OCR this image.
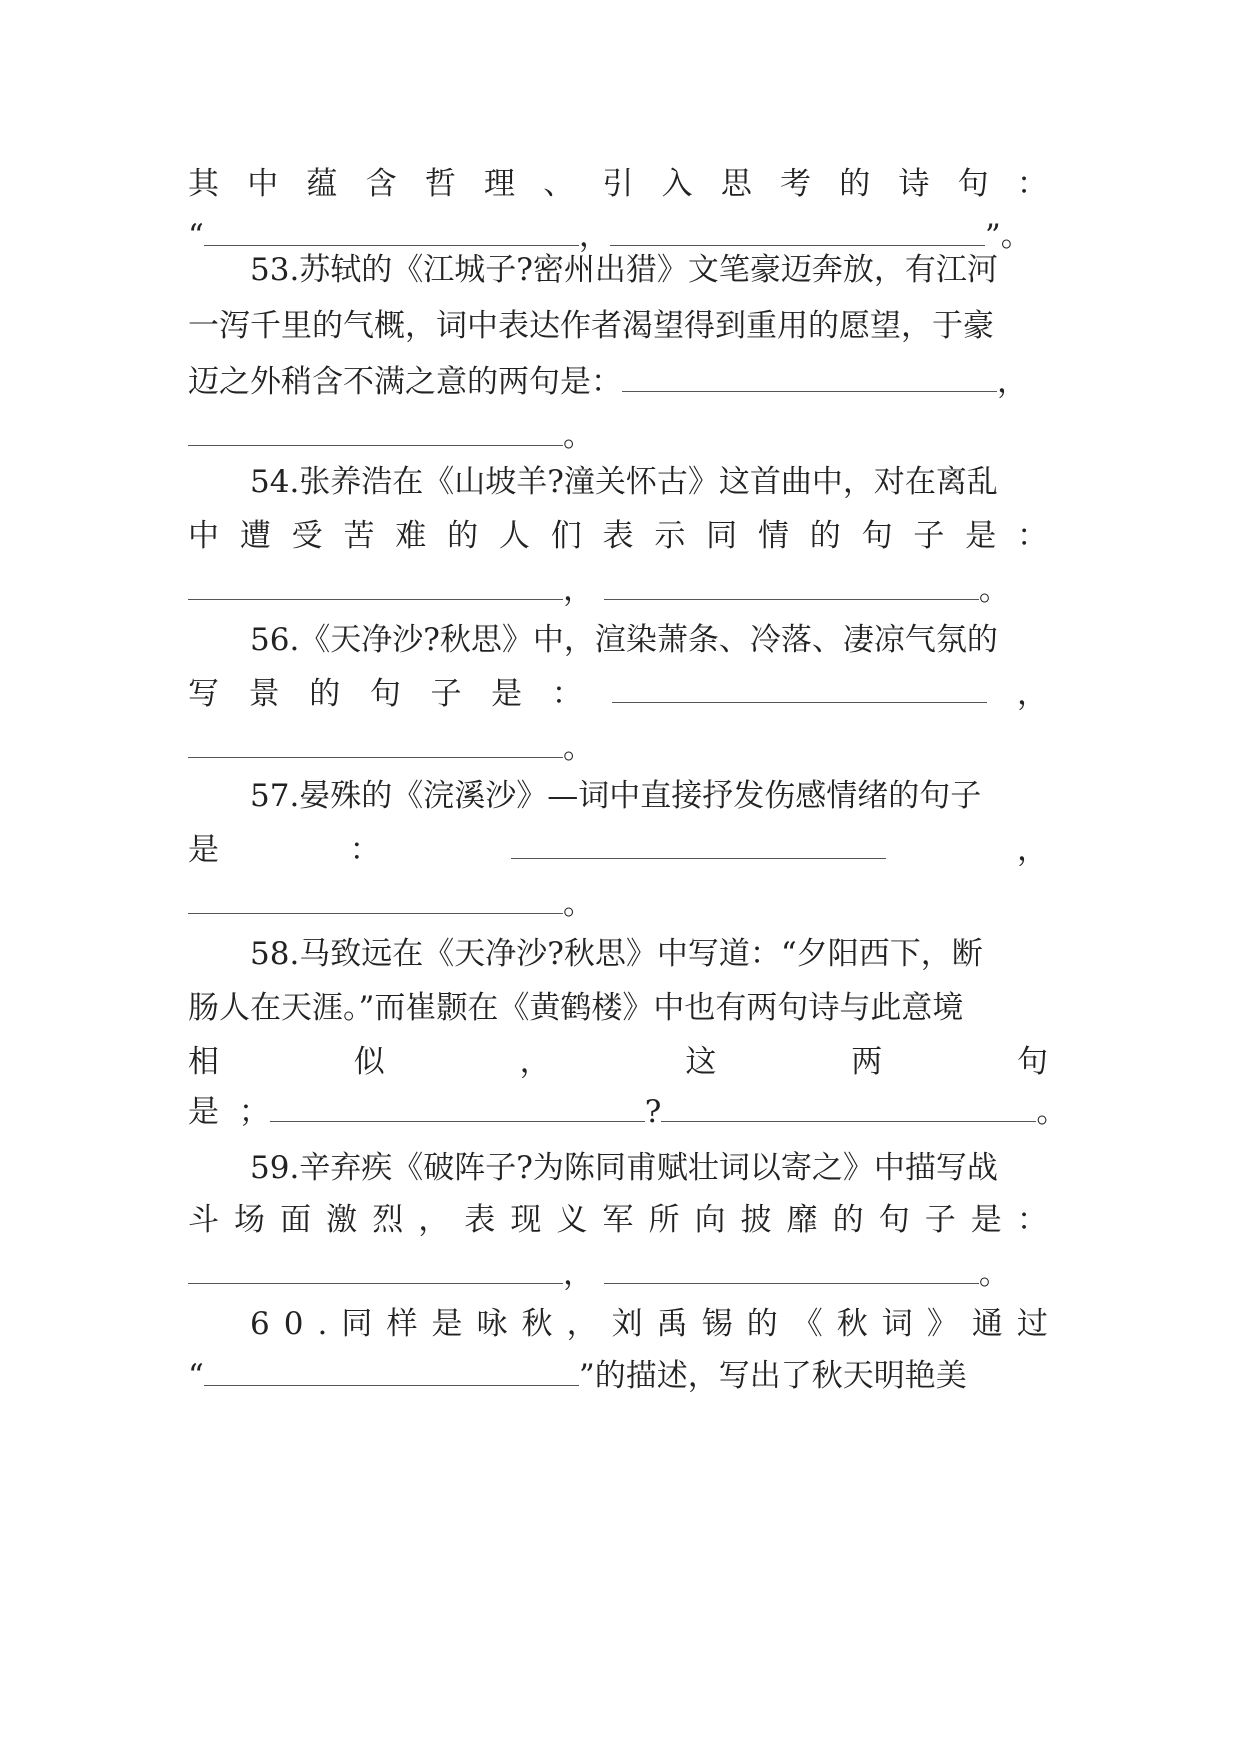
其 中 蕴 含 哲 理 、 引 入 思 考 的 诗 句 ：
“	，	”。
53.苏轼的《江城子?密州出猎》文笔豪迈奔放，有江河
一泻千里的气概，词中表达作者渴望得到重用的愿望，于豪
迈之外稍含不满之意的两句是：	，
。
54.张养浩在《山坡羊?潼关怀古》这首曲中，对在离乱
中 遭 受 苦 难 的 人 们 表 示 同 情 的 句 子 是 ：
，	。
56.《天净沙?秋思》中，渲染萧条、冷落、凄凉气氛的
写 景 的 句 子 是 ：	，
。
57.晏殊的《浣溪沙》—词中直接抒发伤感情绪的句子
是	：	，
。
58.马致远在《天净沙?秋思》中写道：“夕阳西下，断
肠人在天涯。”而崔颢在《黄鹤楼》中也有两句诗与此意境
相	似	，	这	两	句
是 ；	?	。
59.辛弃疾《破阵子?为陈同甫赋壮词以寄之》中描写战
斗 场 面 激 烈 ， 表 现 义 军 所 向 披 靡 的 句 子 是 ：
，	。
6 0 . 同 样 是 咏 秋 ， 刘 禹 锡 的 《 秋 词 》 通 过
“	”的描述，写出了秋天明艳美
